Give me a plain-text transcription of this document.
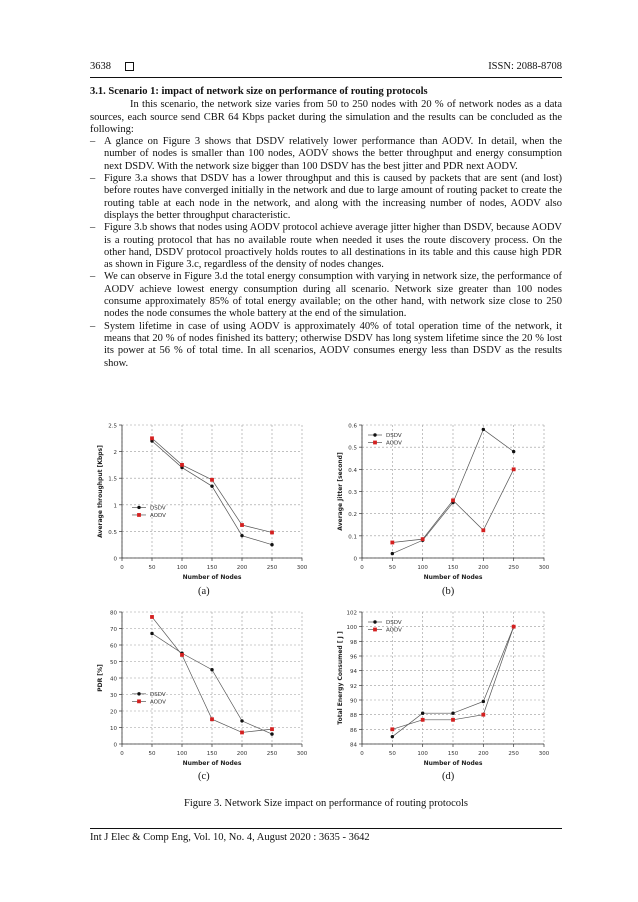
3638	ISSN: 2088-8708
3.1. Scenario 1: impact of network size on performance of routing protocols
In this scenario, the network size varies from 50 to 250 nodes with 20 % of network nodes as a data sources, each source send CBR 64 Kbps packet during the simulation and the results can be concluded as the following:
– A glance on Figure 3 shows that DSDV relatively lower performance than AODV. In detail, when the number of nodes is smaller than 100 nodes, AODV shows the better throughput and energy consumption next DSDV. With the network size bigger than 100 DSDV has the best jitter and PDR next AODV.
– Figure 3.a shows that DSDV has a lower throughput and this is caused by packets that are sent (and lost) before routes have converged initially in the network and due to large amount of routing packet to create the routing table at each node in the network, and along with the increasing number of nodes, AODV also displays the better throughput characteristic.
– Figure 3.b shows that nodes using AODV protocol achieve average jitter higher than DSDV, because AODV is a routing protocol that has no available route when needed it uses the route discovery process. On the other hand, DSDV protocol proactively holds routes to all destinations in its table and this cause high PDR as shown in Figure 3.c, regardless of the density of nodes changes.
– We can observe in Figure 3.d the total energy consumption with varying in network size, the performance of AODV achieve lowest energy consumption during all scenario. Network size greater than 100 nodes consume approximately 85% of total energy available; on the other hand, with network size close to 250 nodes the node consumes the whole battery at the end of the simulation.
– System lifetime in case of using AODV is approximately 40% of total operation time of the network, it means that 20 % of nodes finished its battery; otherwise DSDV has long system lifetime since the 20 % lost its power at 56 % of total time. In all scenarios, AODV consumes energy less than DSDV as the results show.
0
0.5
1
1.5
2
2.5
0	50	100	150	200	250	300
Number of Nodes
Average throughput [Kbps]	DSDV
AODV
0
0.1
0.2
0.3
0.4
0.5
0.6
0	50	100	150	200	250	300
Number of Nodes
Average Jitter [second]
DSDV
AODV
0
10
20
30
40
50
60
70
80
0	50	100	150	200	250	300
Number of Nodes
PDR [%]
DSDV
AODV
84
86
88
90
92
94
96
98
100
102
0	50	100	150	200	250	300
Number of Nodes
Total Energy Consumed [ J ]
DSDV
AODV
(a)	(b)
(c)	(d)
Figure 3. Network Size impact on performance of routing protocols
Int J Elec & Comp Eng, Vol. 10, No. 4, August 2020 : 3635 - 3642
